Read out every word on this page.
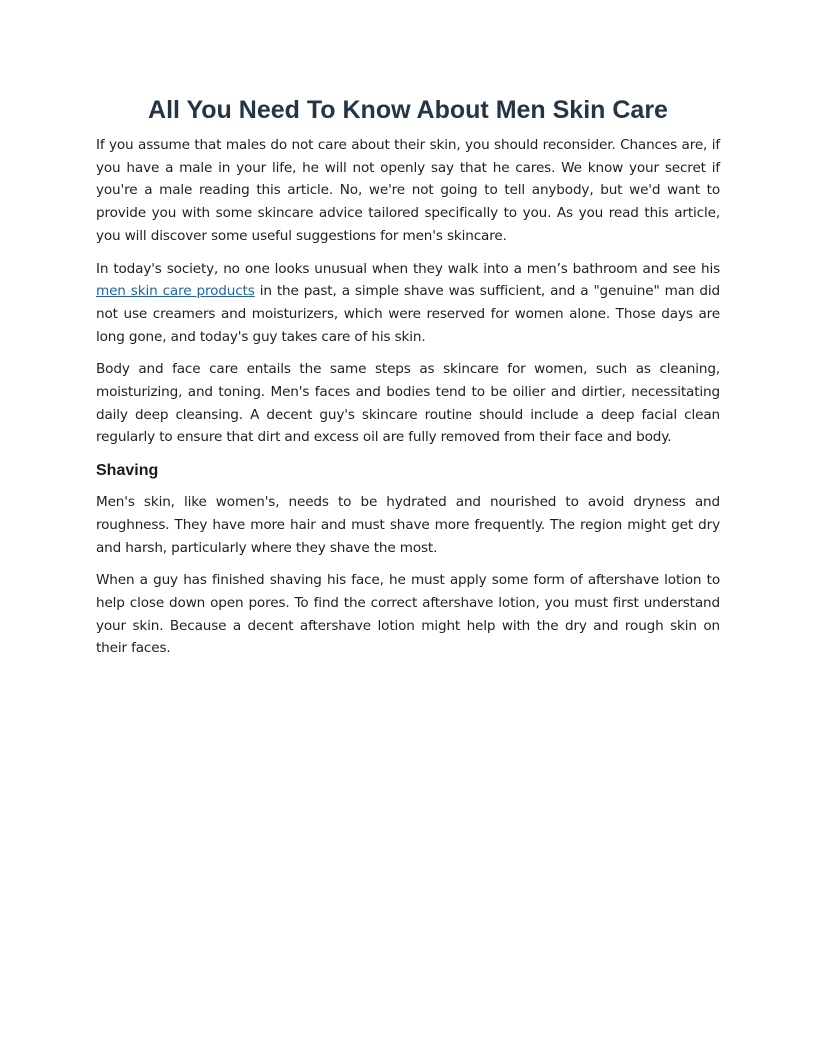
All You Need To Know About Men Skin Care

If you assume that males do not care about their skin, you should reconsider. Chances are, if you have a male in your life, he will not openly say that he cares. We know your secret if you're a male reading this article. No, we're not going to tell anybody, but we'd want to provide you with some skincare advice tailored specifically to you. As you read this article, you will discover some useful suggestions for men's skincare.

In today's society, no one looks unusual when they walk into a men’s bathroom and see his men skin care products in the past, a simple shave was sufficient, and a "genuine" man did not use creamers and moisturizers, which were reserved for women alone. Those days are long gone, and today's guy takes care of his skin.

Body and face care entails the same steps as skincare for women, such as cleaning, moisturizing, and toning. Men's faces and bodies tend to be oilier and dirtier, necessitating daily deep cleansing. A decent guy's skincare routine should include a deep facial clean regularly to ensure that dirt and excess oil are fully removed from their face and body.

Shaving

Men's skin, like women's, needs to be hydrated and nourished to avoid dryness and roughness. They have more hair and must shave more frequently. The region might get dry and harsh, particularly where they shave the most.

When a guy has finished shaving his face, he must apply some form of aftershave lotion to help close down open pores. To find the correct aftershave lotion, you must first understand your skin. Because a decent aftershave lotion might help with the dry and rough skin on their faces.
